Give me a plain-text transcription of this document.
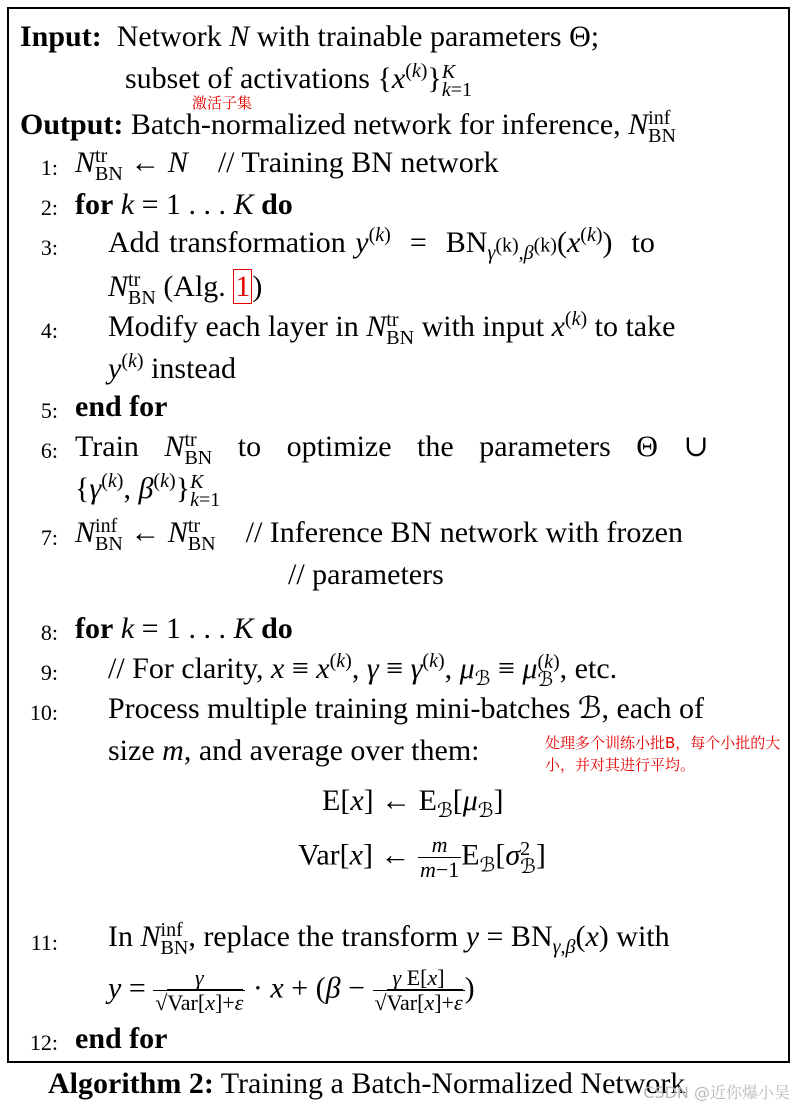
Input:  Network N with trainable parameters Θ;
subset of activations $\{x^{(k)}\}K$
k=1
激活子集
Output: Batch-normalized network for inference, Ninf
BN
1: Ntr
BN ← N    // Training BN network
2: for k = 1 . . . K do
3: Add transformation $y^{(k)} = BN_{\gamma^{(k)},\beta^{(k)}}(x^{(k)})$  to
Ntr
BN (Alg. 1)
4: Modify each layer in Ntr
BN with input $x^{(k)}$ to take
$y^{(k)}$ instead
5: end for
6: Train Ntr
BN to optimize the parameters Θ ∪
{$\gamma^{(k)}$, $\beta^{(k)}\}K$
k=1
7: Ninf
BN ← Ntr
BN    // Inference BN network with frozen
// parameters
8: for k = 1 . . . K do
9: // For clarity, $x \equiv x^{(k)}$, $\gamma \equiv \gamma^{(k)}$, $\mu_ℬ \equiv \mu(k)$
ℬ , etc.
10: Process multiple training mini-batches ℬ, each of
size m, and average over them:	处理多个训练小批B，每个小批的大小，并对其进行平均。
E[x] ← $E_ℬ[\mu_ℬ]$
Var[x] ← $\frac{m}{m-1} E_ℬ[\sigma 2$
ℬ]
11: In Ninf
BN, replace the transform $y = BN_{\gamma,\beta}(x)$ with
$y = \frac{\gamma}{\text{√Var[x]+ε}} \cdot x + (\beta - \frac{\text{γ E[x]}}{\text{√Var[x]+ε}}$ )
12: end for
Algorithm 2: Training a Batch-Normalized Network
CSDN @近你爆小吴
